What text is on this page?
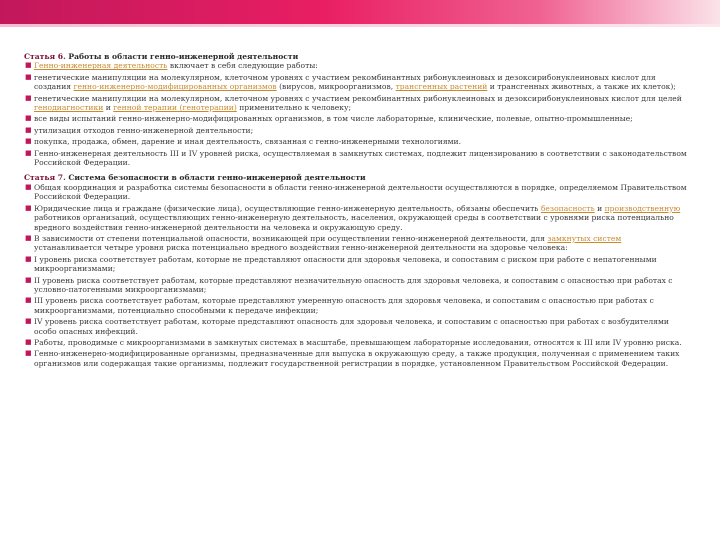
Статья 6. Работы в области генно-инженерной деятельности

■ Генно-инженерная деятельность включает в себя следующие работы:
■ генетические манипуляции на молекулярном, клеточном уровнях с участием рекомбинантных рибонуклеиновых и дезоксирибонуклеиновых кислот для создания генно-инженерно-модифицированных организмов (вирусов, микроорганизмов, трансгенных растений и трансгенных животных, а также их клеток);
■ генетические манипуляции на молекулярном, клеточном уровнях с участием рекомбинантных рибонуклеиновых и дезоксирибонуклеиновых кислот для целей генодиагностики и генной терапии (генотерапии) применительно к человеку;
■ все виды испытаний генно-инженерно-модифицированных организмов, в том числе лабораторные, клинические, полевые, опытно-промышленные;
■ утилизация отходов генно-инженерной деятельности;
■ покупка, продажа, обмен, дарение и иная деятельность, связанная с генно-инженерными технологиями.
■ Генно-инженерная деятельность III и IV уровней риска, осуществляемая в замкнутых системах, подлежит лицензированию в соответствии с законодательством Российской Федерации.

Статья 7. Система безопасности в области генно-инженерной деятельности

■ Общая координация и разработка системы безопасности в области генно-инженерной деятельности осуществляются в порядке, определяемом Правительством Российской Федерации.
■ Юридические лица и граждане (физические лица), осуществляющие генно-инженерную деятельность, обязаны обеспечить безопасность и производственную работников организаций, осуществляющих генно-инженерную деятельность, населения, окружающей среды в соответствии с уровнями риска потенциально вредного воздействия генно-инженерной деятельности на человека и окружающую среду.
■ В зависимости от степени потенциальной опасности, возникающей при осуществлении генно-инженерной деятельности, для замкнутых систем устанавливается четыре уровня риска потенциально вредного воздействия генно-инженерной деятельности на здоровье человека:
■ I уровень риска соответствует работам, которые не представляют опасности для здоровья человека, и сопоставим с риском при работе с непатогенными микроорганизмами;
■ II уровень риска соответствует работам, которые представляют незначительную опасность для здоровья человека, и сопоставим с опасностью при работах с условно-патогенными микроорганизмами;
■ III уровень риска соответствует работам, которые представляют умеренную опасность для здоровья человека, и сопоставим с опасностью при работах с микроорганизмами, потенциально способными к передаче инфекции;
■ IV уровень риска соответствует работам, которые представляют опасность для здоровья человека, и сопоставим с опасностью при работах с возбудителями особо опасных инфекций.
■ Работы, проводимые с микроорганизмами в замкнутых системах в масштабе, превышающем лабораторные исследования, относятся к III или IV уровню риска.
■ Генно-инженерно-модифицированные организмы, предназначенные для выпуска в окружающую среду, а также продукция, полученная с применением таких организмов или содержащая такие организмы, подлежит государственной регистрации в порядке, установленном Правительством Российской Федерации.
